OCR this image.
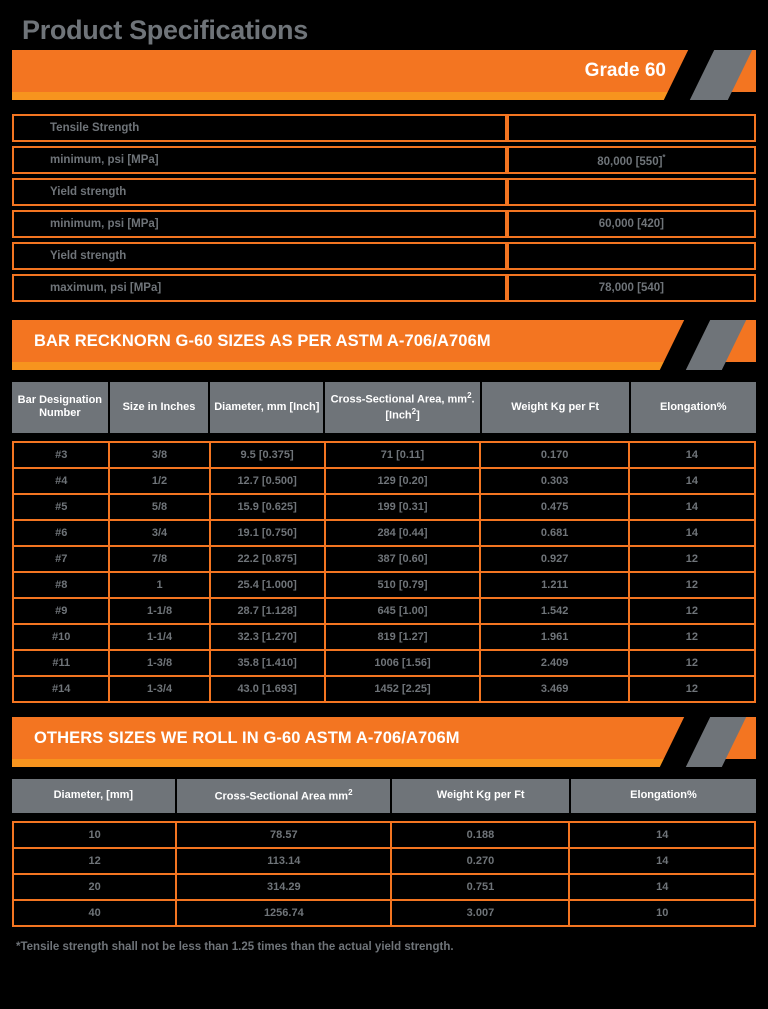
Product Specifications
Grade 60
Tensile Strength	
minimum, psi [MPa]	80,000 [550]*
Yield strength	
minimum, psi [MPa]	60,000 [420]
Yield strength	
maximum, psi [MPa]	78,000 [540]
BAR RECKNORN G-60 SIZES AS PER ASTM A-706/A706M
Bar Designation Number	Size in Inches	Diameter, mm [Inch]	Cross-Sectional Area, $mm^2$. [Inch$^2$]	Weight Kg per Ft	Elongation%
#3	3/8	9.5 [0.375]	71 [0.11]	0.170	14
#4	1/2	12.7 [0.500]	129 [0.20]	0.303	14
#5	5/8	15.9 [0.625]	199 [0.31]	0.475	14
#6	3/4	19.1 [0.750]	284 [0.44]	0.681	14
#7	7/8	22.2 [0.875]	387 [0.60]	0.927	12
#8	1	25.4 [1.000]	510 [0.79]	1.211	12
#9	1-1/8	28.7 [1.128]	645 [1.00]	1.542	12
#10	1-1/4	32.3 [1.270]	819 [1.27]	1.961	12
#11	1-3/8	35.8 [1.410]	1006 [1.56]	2.409	12
#14	1-3/4	43.0 [1.693]	1452 [2.25]	3.469	12
OTHERS SIZES WE ROLL IN G-60 ASTM A-706/A706M
Diameter, [mm]	Cross-Sectional Area $mm^2$	Weight Kg per Ft	Elongation%
10	78.57	0.188	14
12	113.14	0.270	14
20	314.29	0.751	14
40	1256.74	3.007	10
*Tensile strength shall not be less than 1.25 times than the actual yield strength.
